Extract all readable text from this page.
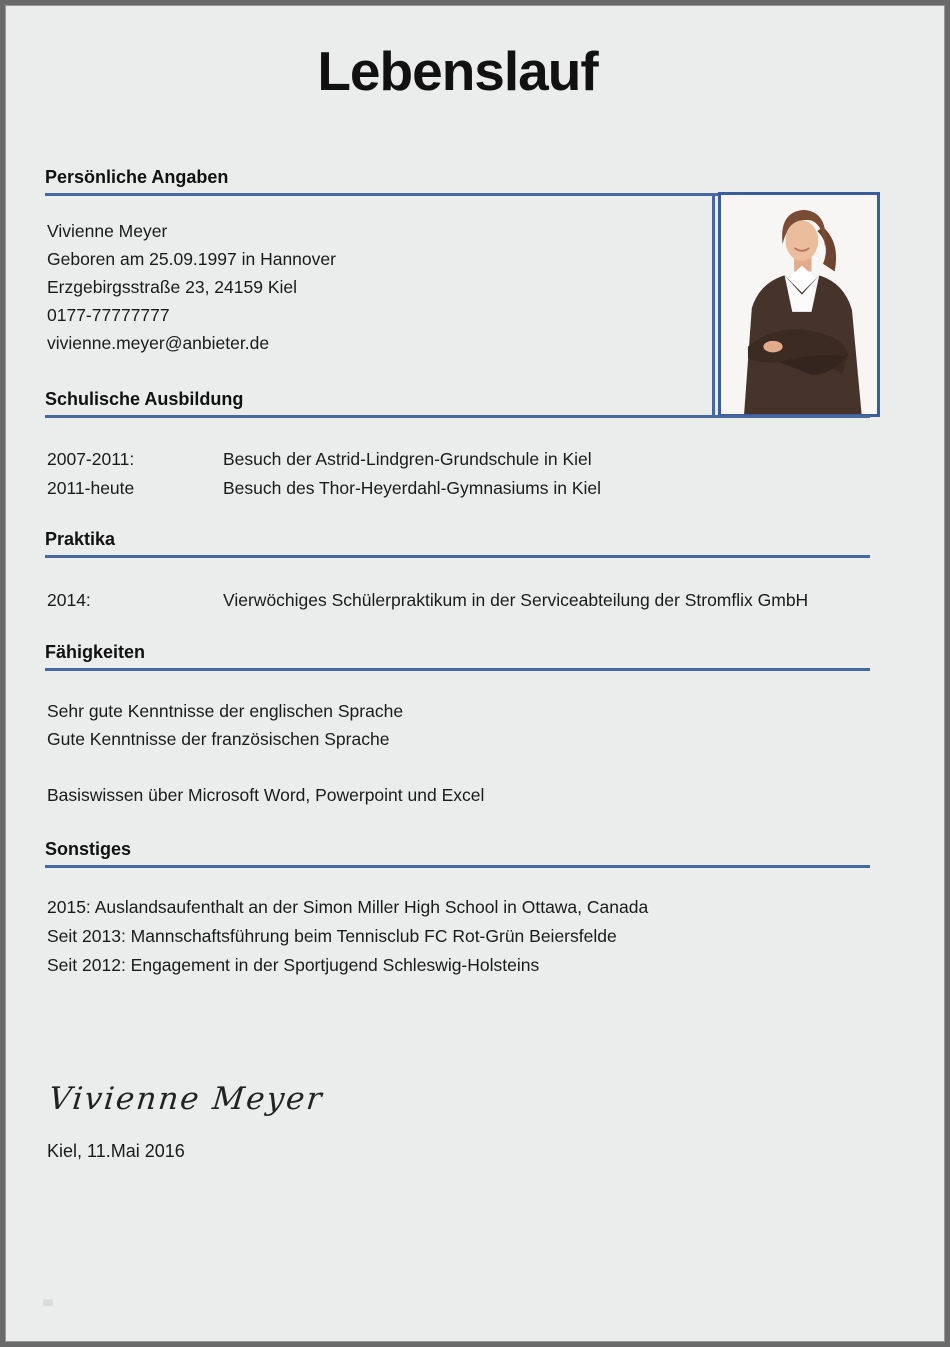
Lebenslauf
Persönliche Angaben
Vivienne Meyer
Geboren am 25.09.1997 in Hannover
Erzgebirgsstraße 23, 24159 Kiel
0177-77777777
vivienne.meyer@anbieter.de
Schulische Ausbildung
2007-2011:	Besuch der Astrid-Lindgren-Grundschule in Kiel
2011-heute	Besuch des Thor-Heyerdahl-Gymnasiums in Kiel
Praktika
2014:	Vierwöchiges Schülerpraktikum in der Serviceabteilung der Stromflix GmbH
Fähigkeiten
Sehr gute Kenntnisse der englischen Sprache
Gute Kenntnisse der französischen Sprache
Basiswissen über Microsoft Word, Powerpoint und Excel
Sonstiges
2015: Auslandsaufenthalt an der Simon Miller High School in Ottawa, Canada
Seit 2013: Mannschaftsführung beim Tennisclub FC Rot-Grün Beiersfelde
Seit 2012: Engagement in der Sportjugend Schleswig-Holsteins
Vivienne Meyer
Kiel, 11.Mai 2016
